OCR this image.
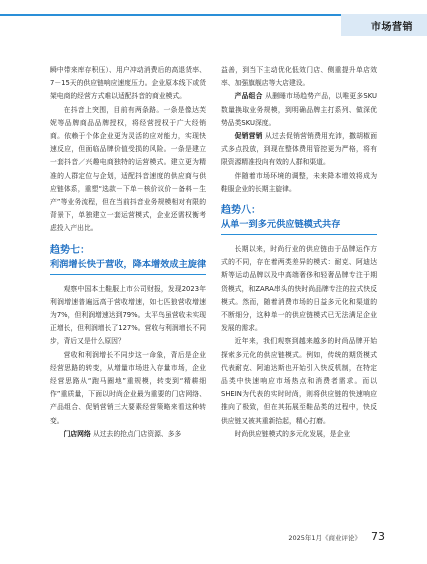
市场营销

瞬中带来库存积压）、用户冲动消费后的高退货率、7－15天的供应链响应速度压力。企业原本线下或货架电商的经营方式难以适配抖音的商业模式。

在抖音上突围，目前有两条路。一条是像达芙妮等品牌商品品牌授权，将经营授权于广大经销商。依赖于个体企业更为灵活的应对能力，实现快速反应，但面临品牌价值受损的风险。一条是建立一套抖音／兴趣电商独特的运营模式。建立更为精准的人群定位与企划，适配抖音速度的供应商与供应链体系，重塑“选款－下单－核价议价－备料－生产”等业务流程，但在当前抖音业务规模相对有限的背景下，单独建立一套运营模式，企业还需权衡考虑投入产出比。

趋势七：
利润增长快于营收，降本增效成主旋律

观察中国本土鞋服上市公司财报，发现2023年利润增速普遍远高于营收增速，如七匹狼营收增速为7%，但利润增速达到79%。太平鸟虽营收未实现正增长，但利润增长了127%。营收与利润增长不同步，背后又是什么原因？

营收和利润增长不同步这一命象，背后是企业经营思路的转变，从增量市场进入存量市场，企业经营思路从“跑马圈地”重规模，转变到“精耕细作”重质量，下面以时尚企业最为重要的门店网络、产品组合、促销营销三大要素经营策略来看这种转变。

门店网络 从过去的抢点门店资源、多多

益善，到当下主动优化低效门店、侧重提升单店效率、加强旗舰店等大店建设。

产品组合 从删睡市场趋势产品，以唯更多SKU数量换取业务规模，到明确品牌主打系列、做深优势品类SKU深度。

促销营销 从过去促销营销费用充沛，撒胡椒面式多点投放，到现在整体费用管控更为严格，将有限资源精准投向有效的人群和渠道。

伴随着市场环境的调整，未来降本增效将成为鞋服企业的长期主旋律。

趋势八：
从单一到多元供应链模式共存

长期以来，时尚行业的供应链由于品牌运作方式的不同，存在着两类差异的模式：耐克、阿迪达斯等运动品牌以及中高端奢侈和轻奢品牌专注于期货模式，和ZARA串头的快时尚品牌专注的拉式快反模式。然而，随着消费市场的日益多元化和渠道的不断细分，这种单一的供应链模式已无法满足企业发展的需求。

近年来，我们观察到越来越多的时尚品牌开始探索多元化的供应链模式。例如，传统的期货模式代表耐克、阿迪达斯也开始引入快反机制，在特定品类中快速响应市场热点和消费者需求。而以SHEIN为代表的实时时尚，则将供应链的快速响应推向了极致，但在其拓展至鞋品类的过程中，快反供应链又被其重新拾起，精心打磨。

时尚供应链模式的多元化发展，是企业

2025年1月《商业评论》 73
